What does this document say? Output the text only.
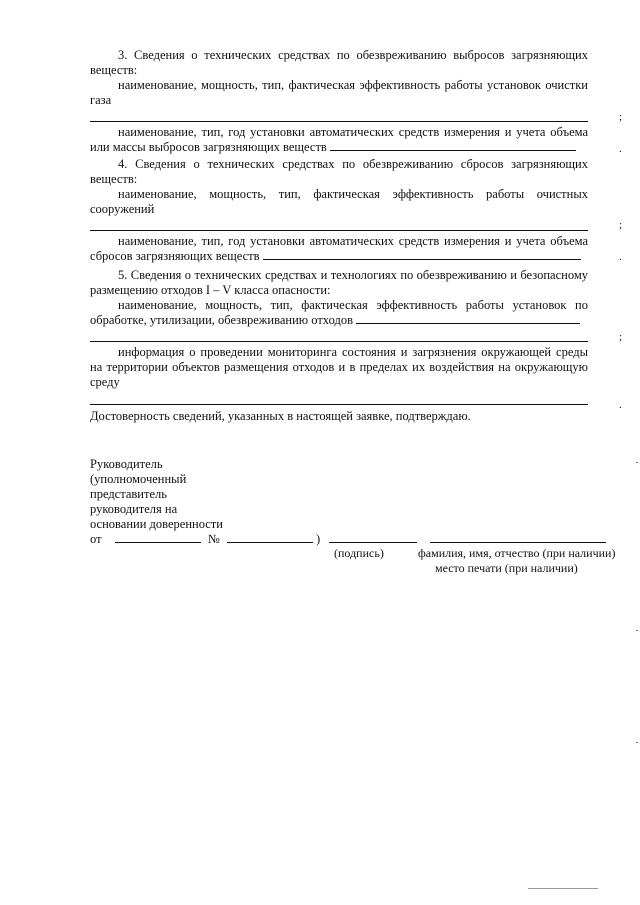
3. Сведения о технических средствах по обезвреживанию выбросов загрязняющих веществ:

наименование, мощность, тип, фактическая эффективность работы установок очистки газа

наименование, тип, год установки автоматических средств измерения и учета объема или массы выбросов загрязняющих веществ

;
.

4. Сведения о технических средствах по обезвреживанию сбросов загрязняющих веществ:

наименование, мощность, тип, фактическая эффективность работы очистных сооружений

наименование, тип, год установки автоматических средств измерения и учета объема сбросов загрязняющих веществ

;
.

5. Сведения о технических средствах и технологиях по обезвреживанию и безопасному размещению отходов I – V класса опасности:

наименование, мощность, тип, фактическая эффективность работы установок по обработке, утилизации, обезвреживанию отходов

информация о проведении мониторинга состояния и загрязнения окружающей среды на территории объектов размещения отходов и в пределах их воздействия на окружающую среду

Достоверность сведений, указанных в настоящей заявке, подтверждаю.

;
.
Руководитель
(уполномоченный
представитель
руководителя на
основании доверенности
от	№	)
(подпись)	фамилия, имя, отчество (при наличии)
место печати (при наличии)
